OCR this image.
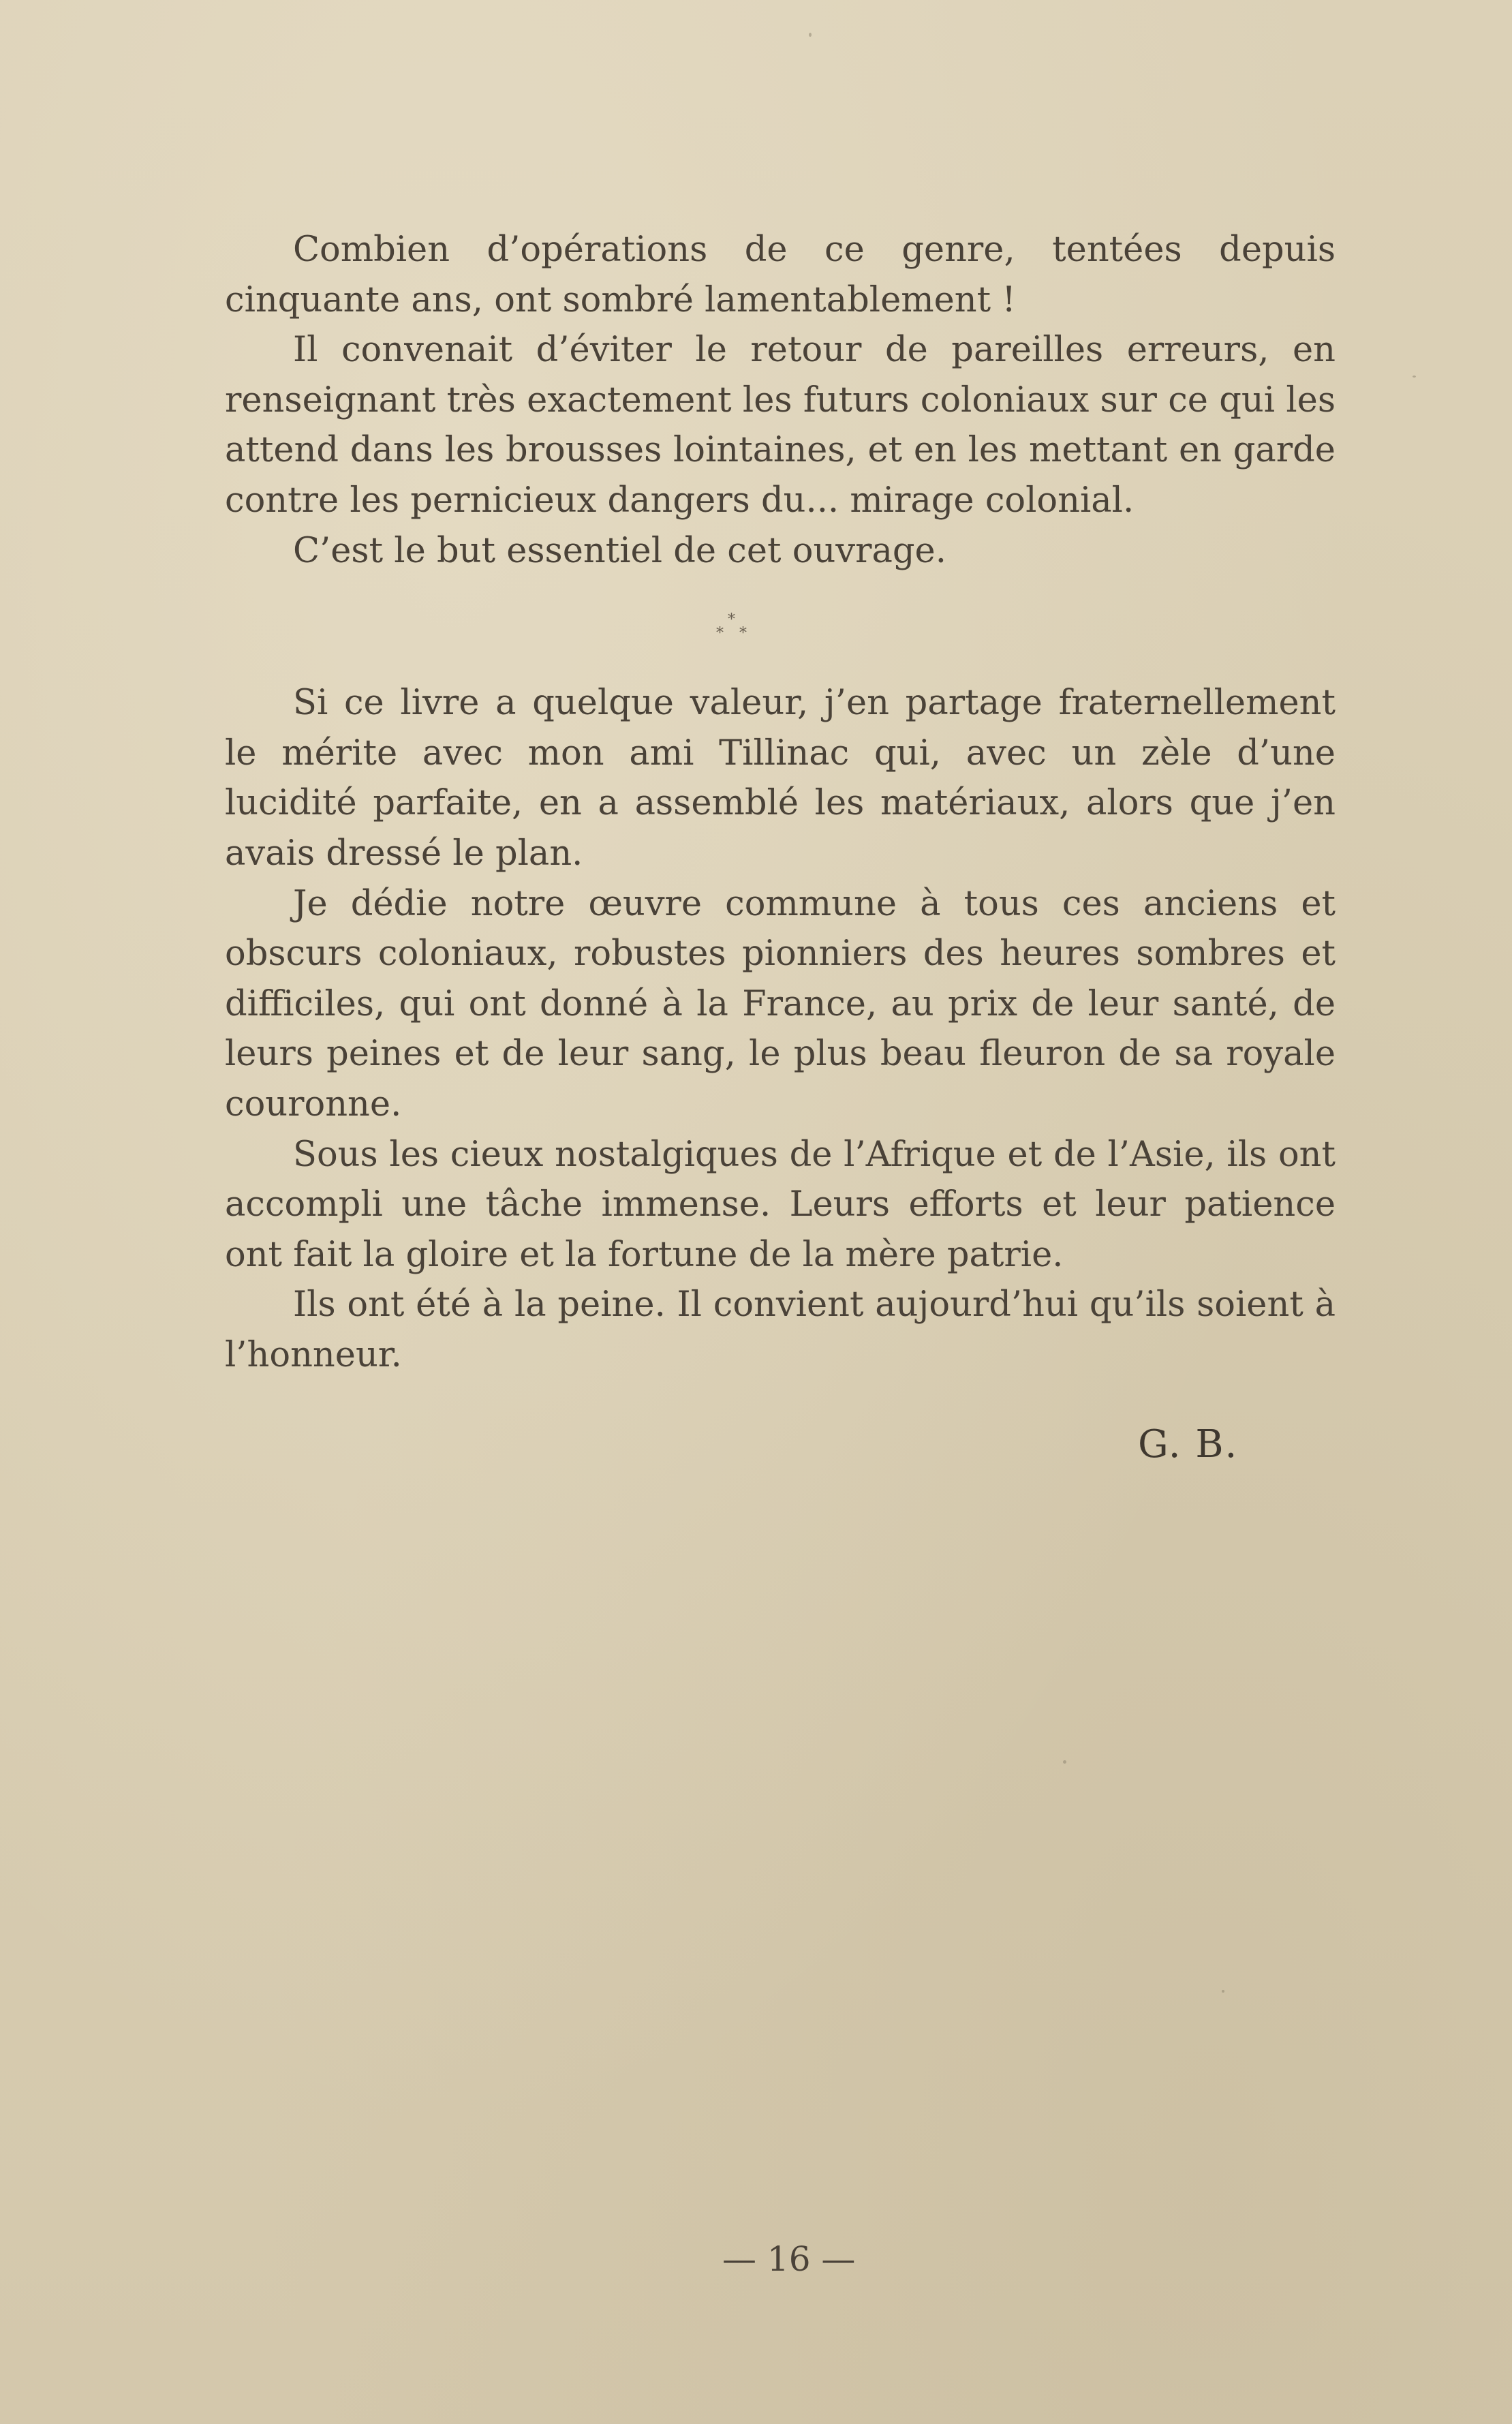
Combien d’opérations de ce genre, tentées depuis cinquante ans, ont sombré lamentablement !

Il convenait d’éviter le retour de pareilles erreurs, en renseignant très exactement les futurs coloniaux sur ce qui les attend dans les brousses lointaines, et en les mettant en garde contre les pernicieux dangers du... mirage colonial.

C’est le but essentiel de cet ouvrage.

*
* *

Si ce livre a quelque valeur, j’en partage fraternellement le mérite avec mon ami Tillinac qui, avec un zèle d’une lucidité parfaite, en a assemblé les matériaux, alors que j’en avais dressé le plan.

Je dédie notre œuvre commune à tous ces anciens et obscurs coloniaux, robustes pionniers des heures sombres et difficiles, qui ont donné à la France, au prix de leur santé, de leurs peines et de leur sang, le plus beau fleuron de sa royale couronne.

Sous les cieux nostalgiques de l’Afrique et de l’Asie, ils ont accompli une tâche immense. Leurs efforts et leur patience ont fait la gloire et la fortune de la mère patrie.

Ils ont été à la peine. Il convient aujourd’hui qu’ils soient à l’honneur.

G. B.
— 16 —
